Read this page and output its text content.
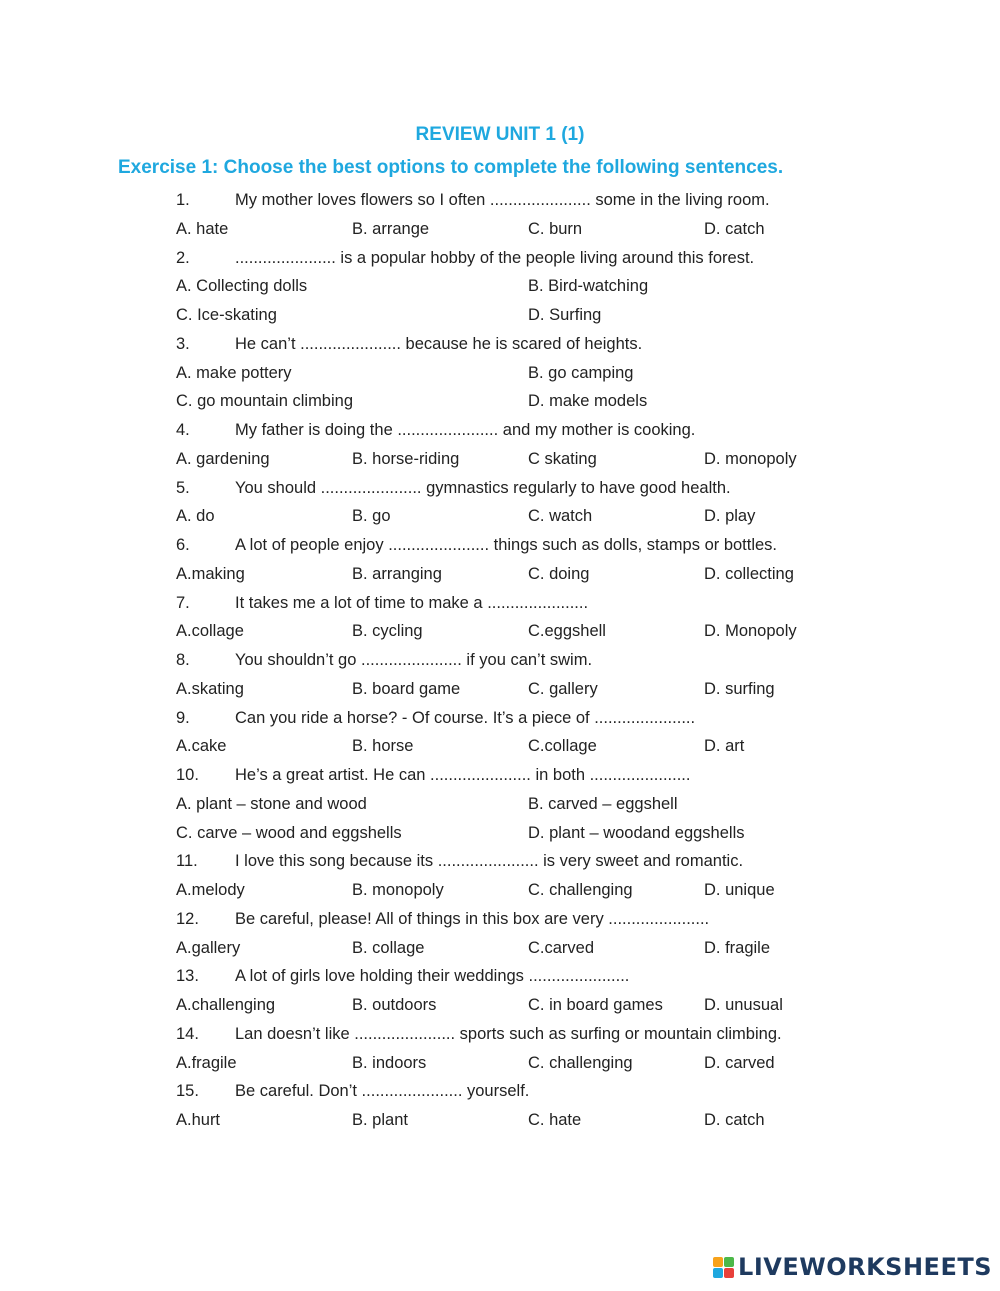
REVIEW UNIT 1 (1)
Exercise 1: Choose the best options to complete the following sentences.
1.	My mother loves flowers so I often ...................... some in the living room.
A. hate	B. arrange	C. burn	D. catch
2.	...................... is a popular hobby of the people living around this forest.
A. Collecting dolls	B. Bird-watching
C. Ice-skating	D. Surfing
3.	He can’t ...................... because he is scared of heights.
A. make pottery	B. go camping
C. go mountain climbing	D. make models
4.	My father is doing the ...................... and my mother is cooking.
A. gardening	B. horse-riding	C skating	D. monopoly
5.	You should ...................... gymnastics regularly to have good health.
A. do	B. go	C. watch	D. play
6.	A lot of people enjoy ...................... things such as dolls, stamps or bottles.
A.making	B. arranging	C. doing	D. collecting
7.	It takes me a lot of time to make a ......................
A.collage	B. cycling	C.eggshell	D. Monopoly
8.	You shouldn’t go ...................... if you can’t swim.
A.skating	B. board game	C. gallery	D. surfing
9.	Can you ride a horse? - Of course. It’s a piece of ......................
A.cake	B. horse	C.collage	D. art
10. He’s a great artist. He can ...................... in both ......................
A. plant – stone and wood	B. carved – eggshell
C. carve – wood and eggshells	D. plant – woodand eggshells
11. I love this song because its ...................... is very sweet and romantic.
A.melody	B. monopoly	C. challenging	D. unique
12. Be careful, please! All of things in this box are very ......................
A.gallery	B. collage	C.carved	D. fragile
13. A lot of girls love holding their weddings ......................
A.challenging	B. outdoors	C. in board games D. unusual
14. Lan doesn’t like ...................... sports such as surfing or mountain climbing.
A.fragile	B. indoors	C. challenging	D. carved
15. Be careful. Don’t ...................... yourself.
A.hurt	B. plant	C. hate	D. catch
LIVEWORKSHEETS
